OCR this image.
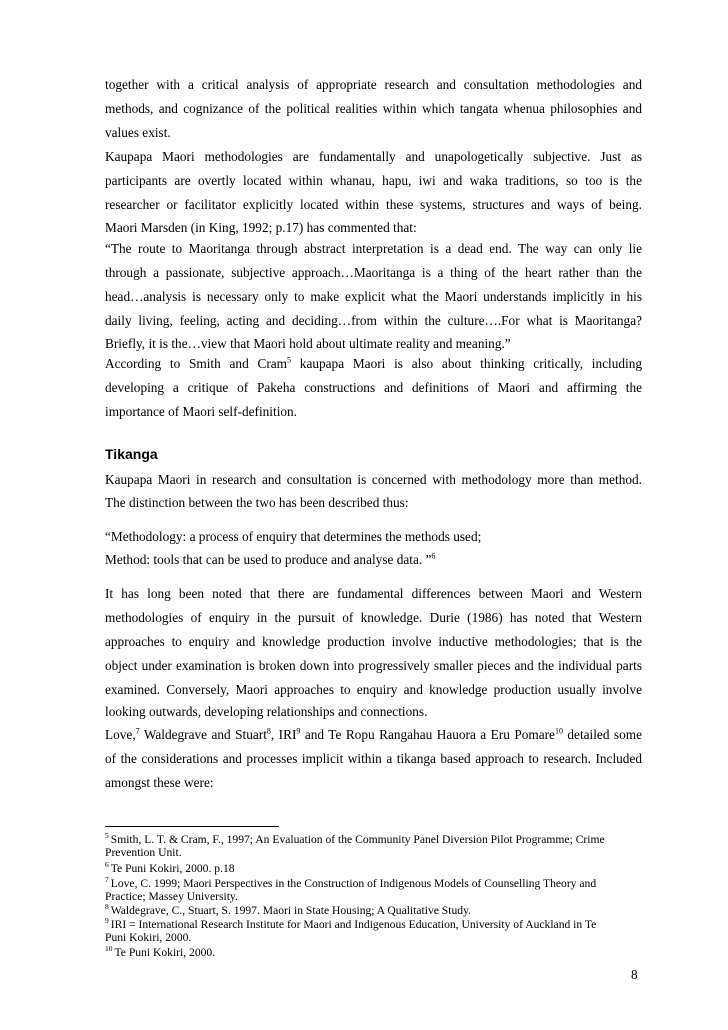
together with a critical analysis of appropriate research and consultation methodologies and
methods, and cognizance of the political realities within which tangata whenua philosophies and
values exist.
Kaupapa Maori methodologies are fundamentally and unapologetically subjective. Just as
participants are overtly located within whanau, hapu, iwi and waka traditions, so too is the
researcher or facilitator explicitly located within these systems, structures and ways of being.
Maori Marsden (in King, 1992; p.17) has commented that:
“The route to Maoritanga through abstract interpretation is a dead end. The way can only lie
through a passionate, subjective approach…Maoritanga is a thing of the heart rather than the
head…analysis is necessary only to make explicit what the Maori understands implicitly in his
daily living, feeling, acting and deciding…from within the culture….For what is Maoritanga?
Briefly, it is the…view that Maori hold about ultimate reality and meaning.”
According to Smith and Cram$^5$ kaupapa Maori is also about thinking critically, including
developing a critique of Pakeha constructions and definitions of Maori and affirming the
importance of Maori self-definition.
Tikanga
Kaupapa Maori in research and consultation is concerned with methodology more than method.
The distinction between the two has been described thus:
“Methodology: a process of enquiry that determines the methods used;
Method: tools that can be used to produce and analyse data. ”$^6$
It has long been noted that there are fundamental differences between Maori and Western
methodologies of enquiry in the pursuit of knowledge. Durie (1986) has noted that Western
approaches to enquiry and knowledge production involve inductive methodologies; that is the
object under examination is broken down into progressively smaller pieces and the individual parts
examined. Conversely, Maori approaches to enquiry and knowledge production usually involve
looking outwards, developing relationships and connections.
Love,$^7$ Waldegrave and Stuart$^8$, IRI$^9$ and Te Ropu Rangahau Hauora a Eru Pomare$^{10}$ detailed some
of the considerations and processes implicit within a tikanga based approach to research. Included
amongst these were:
$^5$ Smith, L. T. & Cram, F., 1997; An Evaluation of the Community Panel Diversion Pilot Programme; Crime
Prevention Unit.
$^6$ Te Puni Kokiri, 2000. p.18
$^7$ Love, C. 1999; Maori Perspectives in the Construction of Indigenous Models of Counselling Theory and
Practice; Massey University.
$^8$ Waldegrave, C., Stuart, S. 1997. Maori in State Housing; A Qualitative Study.
$^9$ IRI = International Research Institute for Maori and Indigenous Education, University of Auckland in Te
Puni Kokiri, 2000.
$^{10}$ Te Puni Kokiri, 2000.
8
